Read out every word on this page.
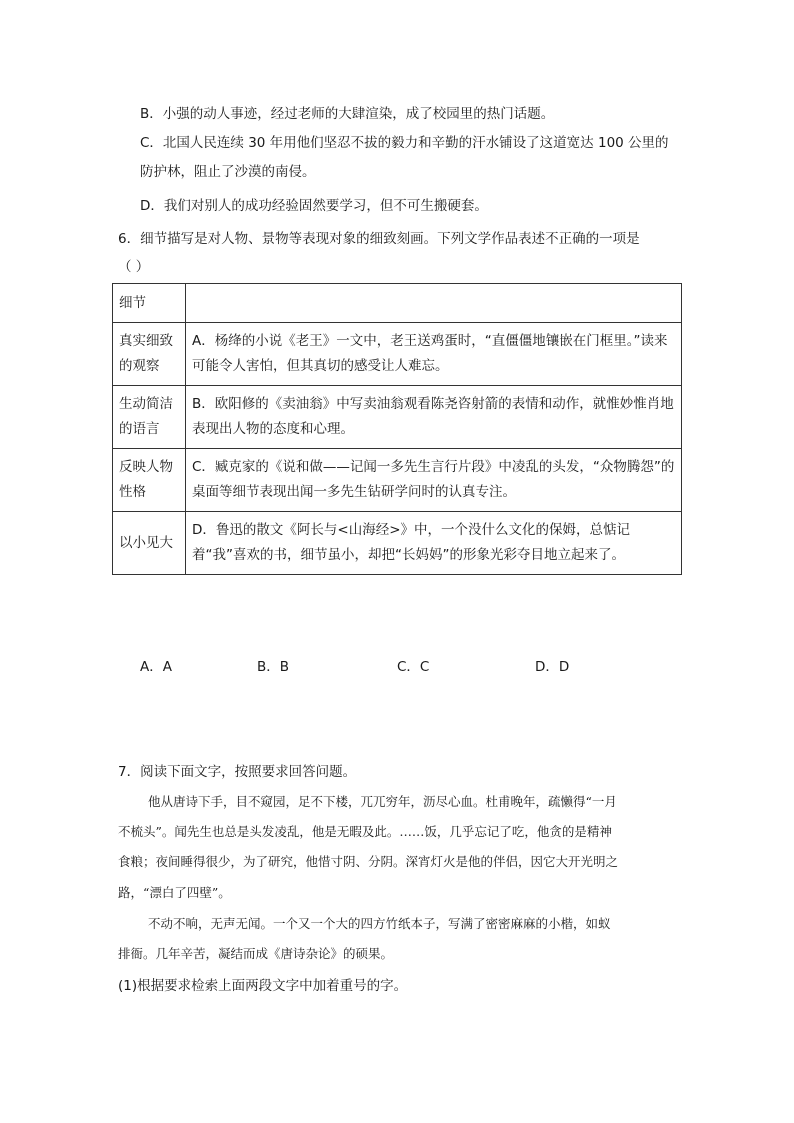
B．小强的动人事迹，经过老师的大肆渲染，成了校园里的热门话题。
C．北国人民连续 30 年用他们坚忍不拔的毅力和辛勤的汗水铺设了这道宽达 100 公里的
防护林，阻止了沙漠的南侵。
D．我们对别人的成功经验固然要学习，但不可生搬硬套。
6．细节描写是对人物、景物等表现对象的细致刻画。下列文学作品表述不正确的一项是
（ ）
细节	
真实细致的观察	A．杨绛的小说《老王》一文中，老王送鸡蛋时，“直僵僵地镶嵌在门框里。”读来可能令人害怕，但其真切的感受让人难忘。
生动简洁的语言	B．欧阳修的《卖油翁》中写卖油翁观看陈尧咨射箭的表情和动作，就惟妙惟肖地表现出人物的态度和心理。
反映人物性格	C．臧克家的《说和做——记闻一多先生言行片段》中凌乱的头发，“众物腾怨”的桌面等细节表现出闻一多先生钻研学问时的认真专注。
以小见大	D．鲁迅的散文《阿长与<山海经>》中，一个没什么文化的保姆，总惦记着“我”喜欢的书，细节虽小，却把“长妈妈”的形象光彩夺目地立起来了。
A．A	B．B	C．C	D．D
7．阅读下面文字，按照要求回答问题。
他从唐诗下手，目不窥园，足不下楼，兀兀穷年，沥尽心血。杜甫晚年，疏懒得“一月
不梳头”。闻先生也总是头发凌乱，他是无暇及此。……饭，几乎忘记了吃，他贪的是精神
食粮；夜间睡得很少，为了研究，他惜寸阴、分阴。深宵灯火是他的伴侣，因它大开光明之
路，“漂白了四壁”。
不动不响，无声无闻。一个又一个大的四方竹纸本子，写满了密密麻麻的小楷，如蚁
排衙。几年辛苦，凝结而成《唐诗杂论》的硕果。
(1)根据要求检索上面两段文字中加着重号的字。
